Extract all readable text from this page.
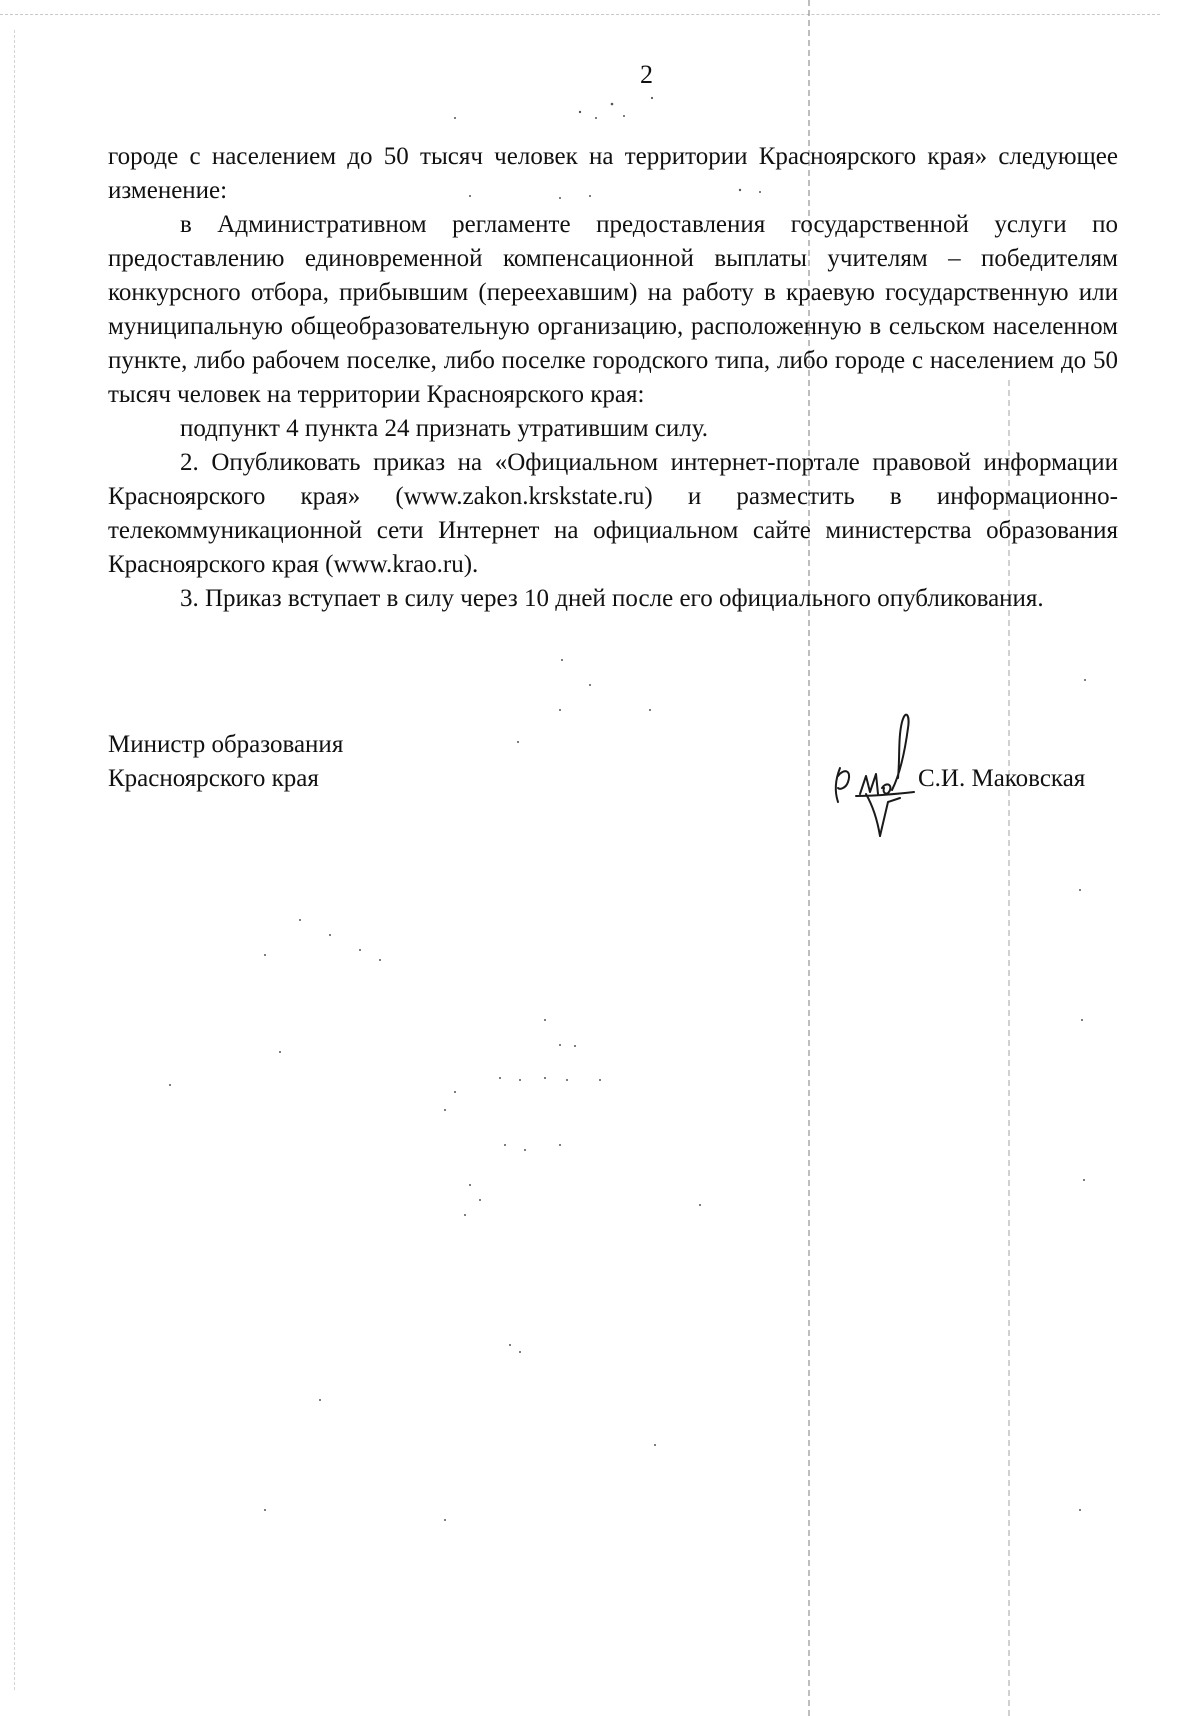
2

городе с населением до 50 тысяч человек на территории Красноярского края» следующее изменение:

в Административном регламенте предоставления государственной услуги по предоставлению единовременной компенсационной выплаты учителям – победителям конкурсного отбора, прибывшим (переехавшим) на работу в краевую государственную или муниципальную общеобразовательную организацию, расположенную в сельском населенном пункте, либо рабочем поселке, либо поселке городского типа, либо городе с населением до 50 тысяч человек на территории Красноярского края:

подпункт 4 пункта 24 признать утратившим силу.

2. Опубликовать приказ на «Официальном интернет-портале правовой информации Красноярского края» (www.zakon.krskstate.ru) и разместить в информационно-телекоммуникационной сети Интернет на официальном сайте министерства образования Красноярского края (www.krao.ru).

3. Приказ вступает в силу через 10 дней после его официального опубликования.

Министр образования
Красноярского края	С.И. Маковская
